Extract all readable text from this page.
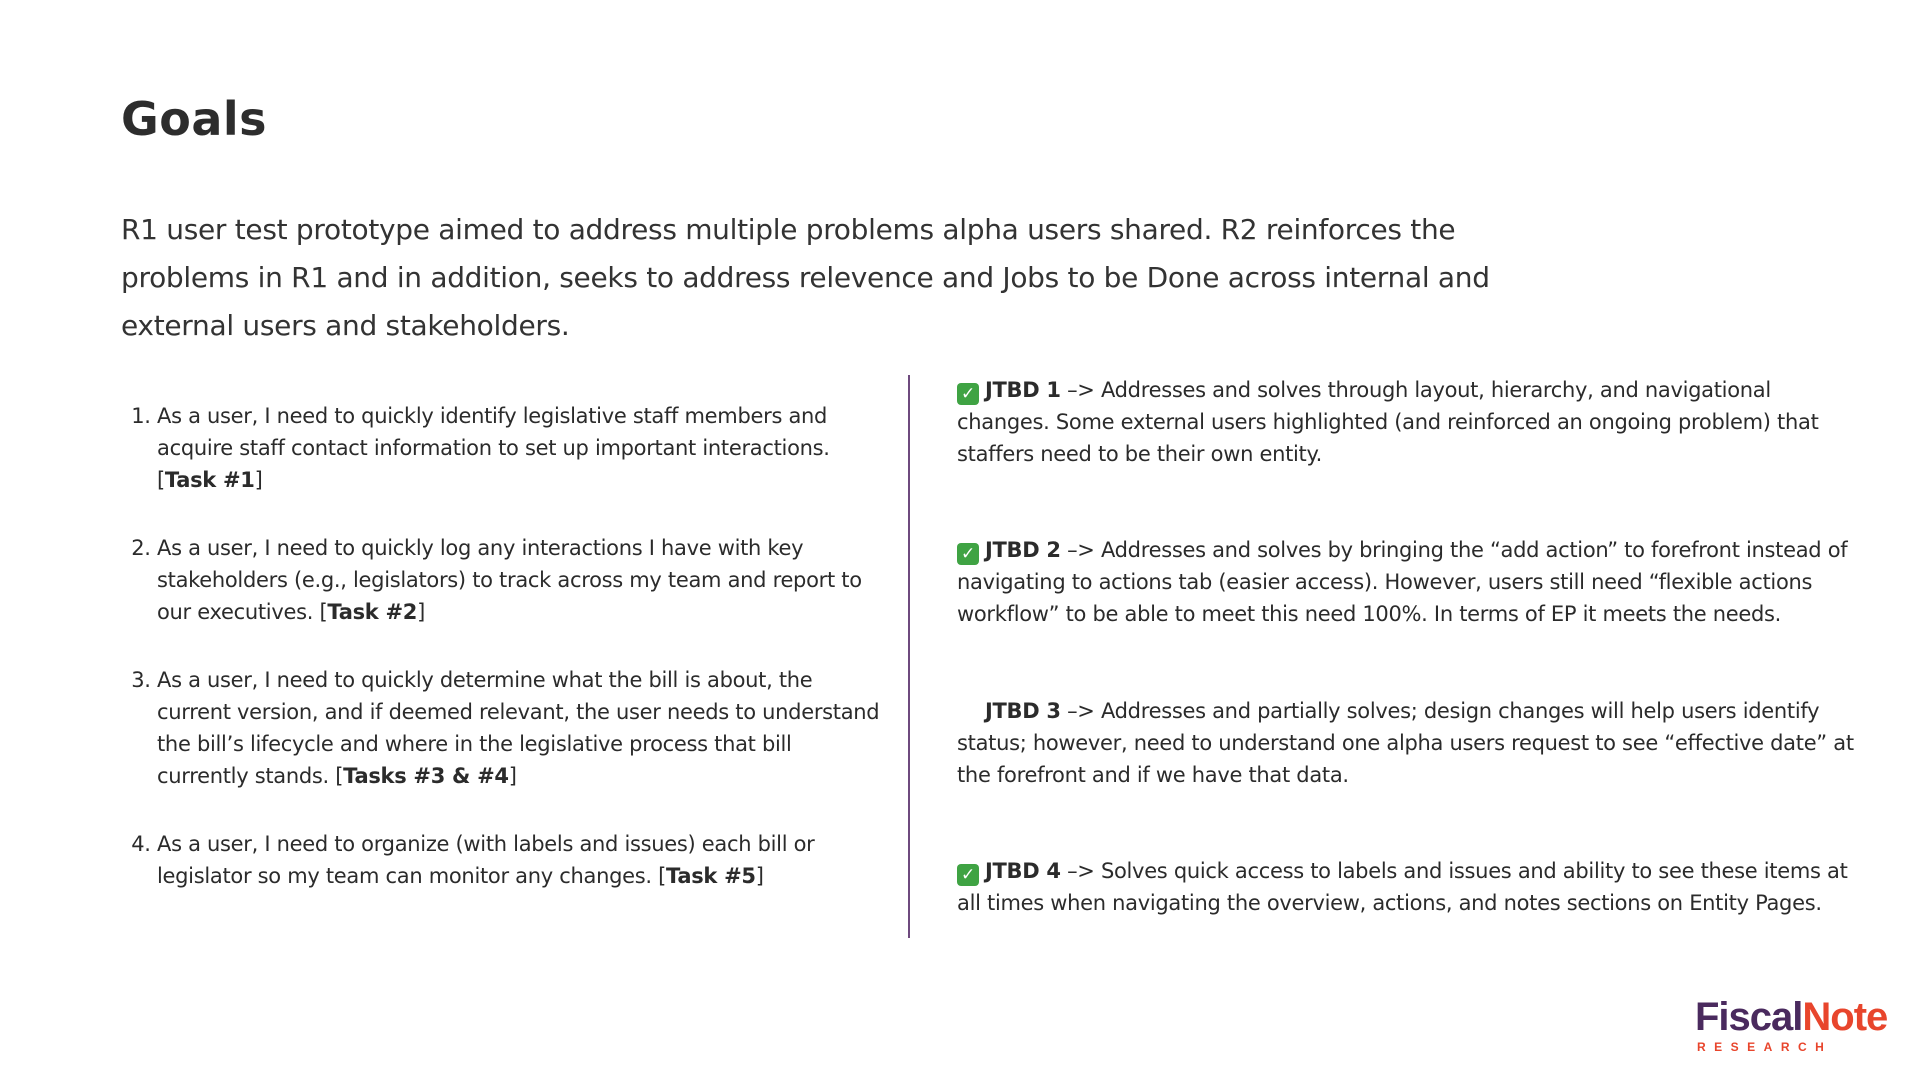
Goals

R1 user test prototype aimed to address multiple problems alpha users shared. R2 reinforces the problems in R1 and in addition, seeks to address relevence and Jobs to be Done across internal and external users and stakeholders.

1. As a user, I need to quickly identify legislative staff members and acquire staff contact information to set up important interactions. [Task #1]
2. As a user, I need to quickly log any interactions I have with key stakeholders (e.g., legislators) to track across my team and report to our executives. [Task #2]
3. As a user, I need to quickly determine what the bill is about, the current version, and if deemed relevant, the user needs to understand the bill’s lifecycle and where in the legislative process that bill currently stands. [Tasks #3 & #4]
4. As a user, I need to organize (with labels and issues) each bill or legislator so my team can monitor any changes. [Task #5]

✓ JTBD 1 –> Addresses and solves through layout, hierarchy, and navigational changes. Some external users highlighted (and reinforced an ongoing problem) that staffers need to be their own entity.

✓ JTBD 2 –> Addresses and solves by bringing the “add action” to forefront instead of navigating to actions tab (easier access). However, users still need “flexible actions workflow” to be able to meet this need 100%. In terms of EP it meets the needs.

JTBD 3 –> Addresses and partially solves; design changes will help users identify status; however, need to understand one alpha users request to see “effective date” at the forefront and if we have that data.

✓ JTBD 4 –> Solves quick access to labels and issues and ability to see these items at all times when navigating the overview, actions, and notes sections on Entity Pages.

FiscalNote
RESEARCH
